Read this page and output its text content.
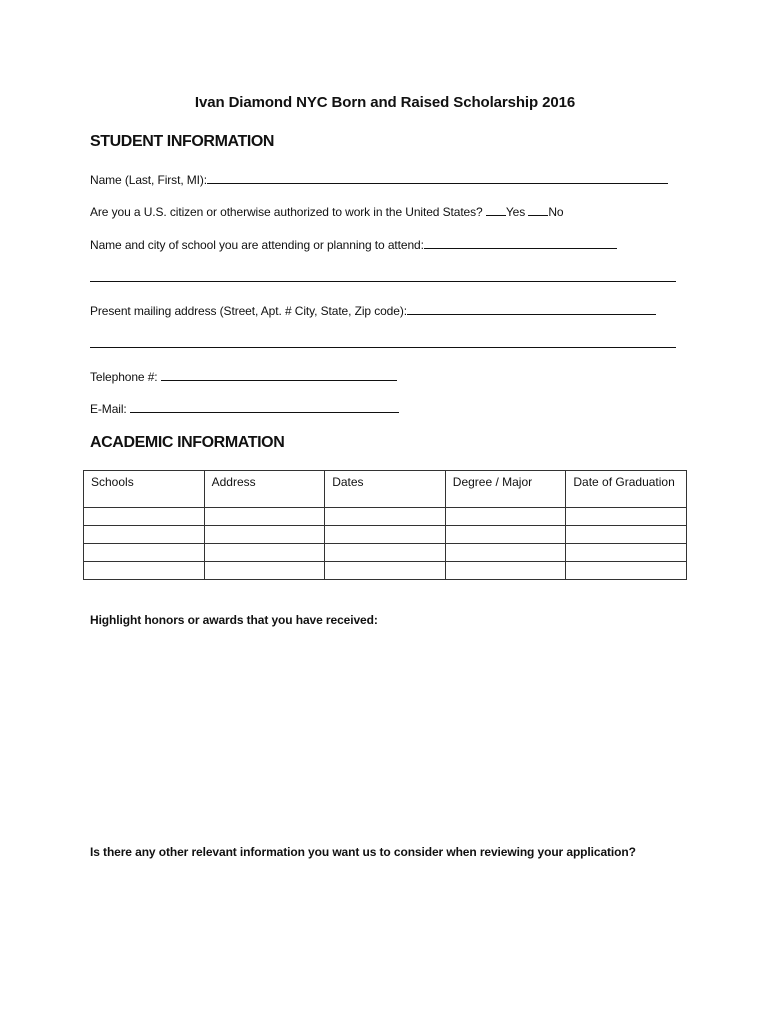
Ivan Diamond NYC Born and Raised Scholarship 2016
STUDENT INFORMATION
Name (Last, First, MI):
Are you a U.S. citizen or otherwise authorized to work in the United States? Yes No
Name and city of school you are attending or planning to attend:
Present mailing address (Street, Apt. # City, State, Zip code):
Telephone #:
E-Mail:
ACADEMIC INFORMATION
Schools	Address	Dates	Degree / Major	Date of Graduation

Highlight honors or awards that you have received:
Is there any other relevant information you want us to consider when reviewing your application?
